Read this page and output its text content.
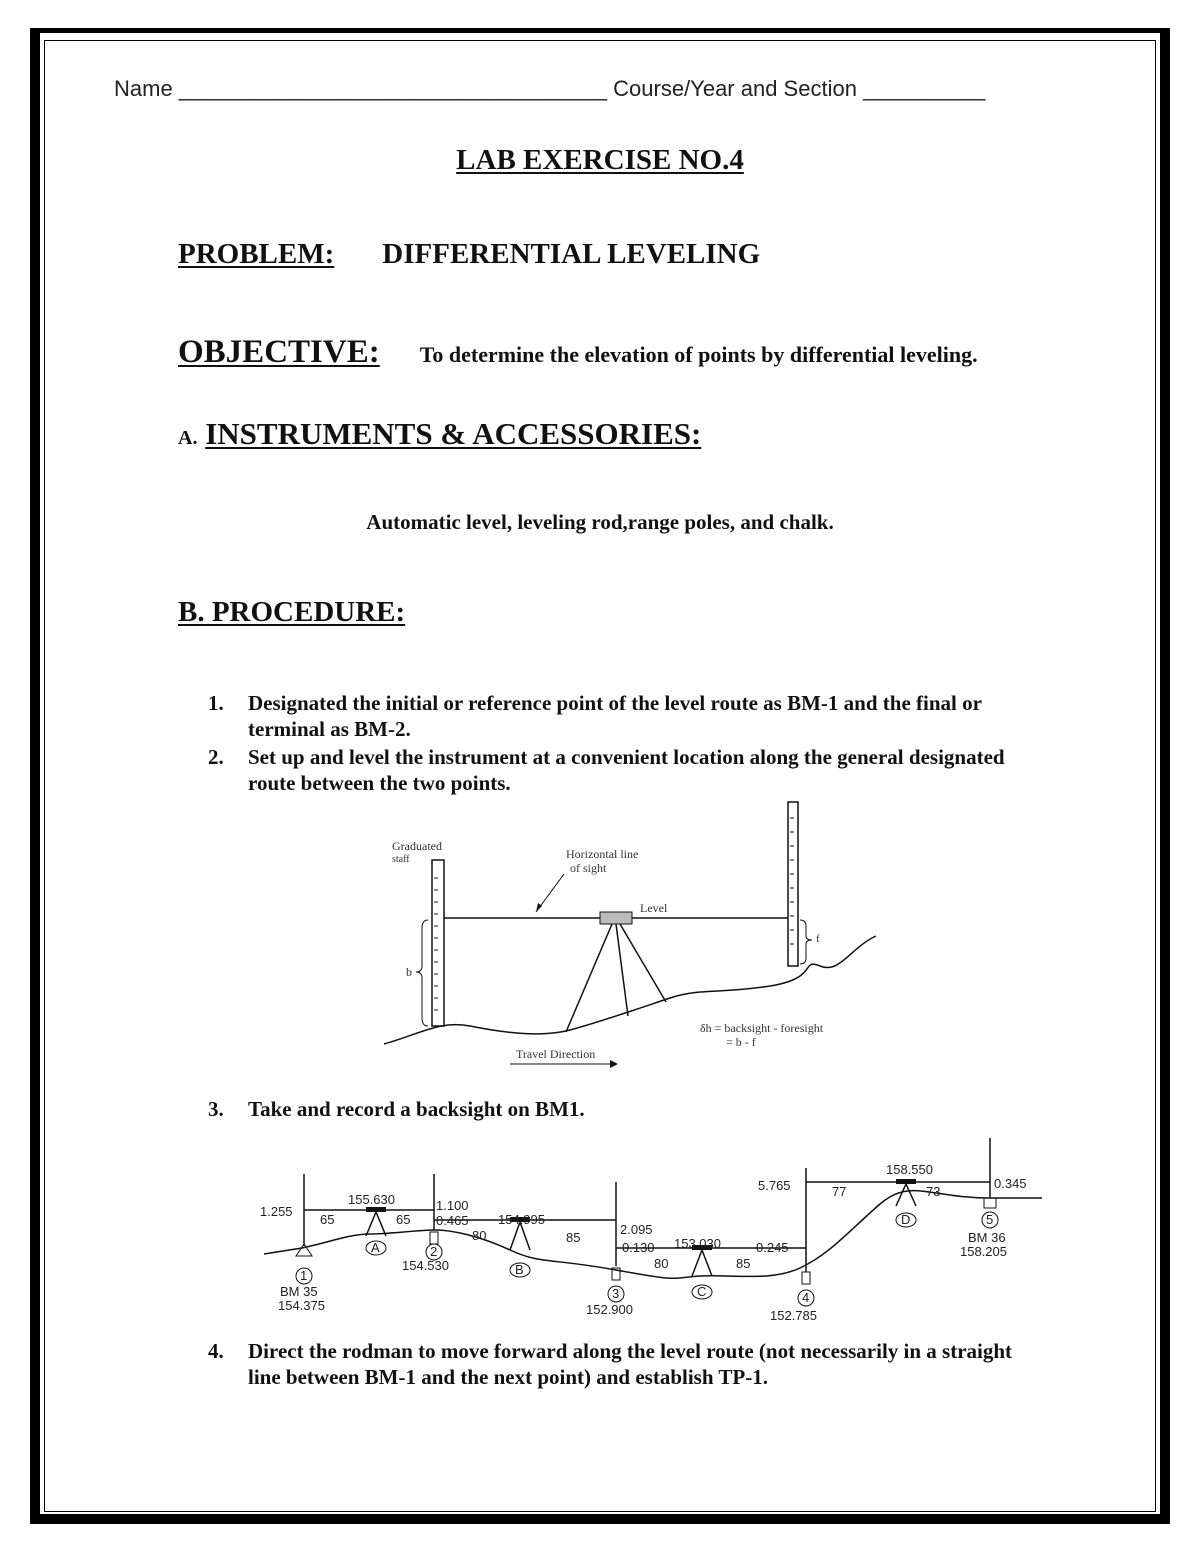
Name ___________________________________ Course/Year and Section __________
LAB EXERCISE NO.4
PROBLEM: DIFFERENTIAL LEVELING
OBJECTIVE: To determine the elevation of points by differential leveling.
A. INSTRUMENTS & ACCESSORIES:
Automatic level, leveling rod,range poles, and chalk.
B. PROCEDURE:
1.	Designated the initial or reference point of the level route as BM-1 and the final or terminal as BM-2.
2.	Set up and level the instrument at a convenient location along the general designated route between the two points.
Graduated
staff	Horizontal line
of sight
Level
b
f
δh = backsight - foresight
= b - f
Travel Direction
3.	Take and record a backsight on BM1.
1
2
3	4
5
A
B
C
D
1.255	1.100
0.465
2.095
0.130	0.245
5.765	0.345
155.630
154.995
153.030
158.550
65	65
80	85
80	85
77	73
BM 35
154.375
154.530
152.900	152.785
BM 36
158.205
4.	Direct the rodman to move forward along the level route (not necessarily in a straight line between BM-1 and the next point) and establish TP-1.
